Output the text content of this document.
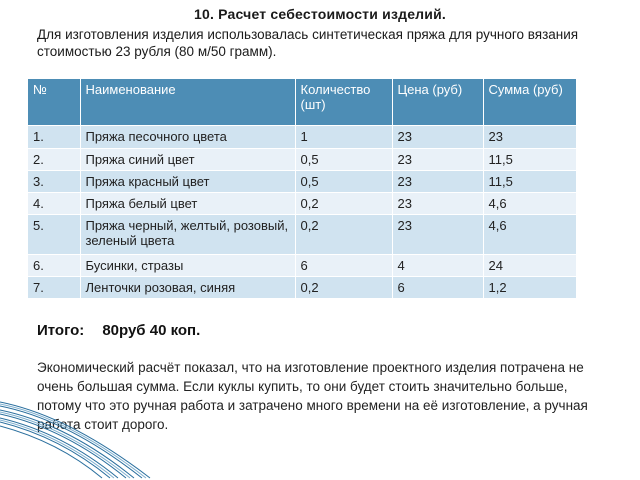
10. Расчет себестоимости изделий.
Для изготовления изделия использовалась синтетическая пряжа для ручного вязания стоимостью 23 рубля (80 м/50 грамм).
№	Наименование	Количество (шт)	Цена (руб)	Сумма (руб)
1.	Пряжа песочного цвета	1	23	23
2.	Пряжа синий цвет	0,5	23	11,5
3.	Пряжа красный цвет	0,5	23	11,5
4.	Пряжа белый цвет	0,2	23	4,6
5.	Пряжа черный, желтый, розовый, зеленый цвета	0,2	23	4,6
6.	Бусинки, стразы	6	4	24
7.	Ленточки розовая, синяя	0,2	6	1,2
Итого: 80руб 40 коп.
Экономический расчёт показал, что на изготовление проектного изделия потрачена не очень большая сумма. Если куклы купить, то они будет стоить значительно больше, потому что это ручная работа и затрачено много времени на её изготовление, а ручная работа стоит дорого.
